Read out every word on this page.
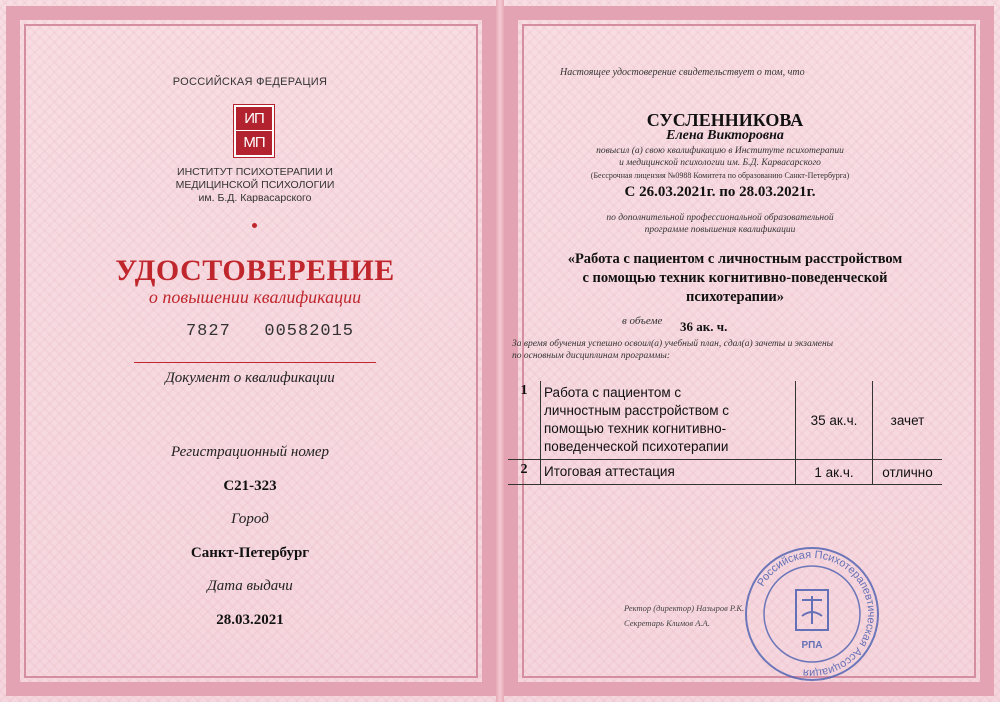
РОССИЙСКАЯ ФЕДЕРАЦИЯ
ИП
МП
ИНСТИТУТ ПСИХОТЕРАПИИ И
МЕДИЦИНСКОЙ ПСИХОЛОГИИ
им. Б.Д. Карвасарского
УДОСТОВЕРЕНИЕ
о повышении квалификации
7827 00582015
Документ о квалификации
Регистрационный номер
С21-323
Город
Санкт-Петербург
Дата выдачи
28.03.2021
Настоящее удостоверение свидетельствует о том, что
СУСЛЕННИКОВА
Елена Викторовна
повысил (а) свою квалификацию в Институте психотерапии
и медицинской психологии им. Б.Д. Карвасарского
(Бессрочная лицензия №0988 Комитета по образованию Санкт-Петербурга)
С 26.03.2021г. по 28.03.2021г.
по дополнительной профессиональной образовательной
программе повышения квалификации
«Работа с пациентом с личностным расстройством
с помощью техник когнитивно-поведенческой
психотерапии»
в объеме 36 ак. ч.
За время обучения успешно освоил(а) учебный план, сдал(а) зачеты и экзамены
по основным дисциплинам программы:
1	Работа с пациентом с
личностным расстройством с
помощью техник когнитивно-
поведенческой психотерапии	35 ак.ч.	зачет
2	Итоговая аттестация	1 ак.ч.	отлично
Ректор (директор) Назыров Р.К.
Секретарь Климов А.А.
Российская Психотерапевтическая Ассоциация
РПА
